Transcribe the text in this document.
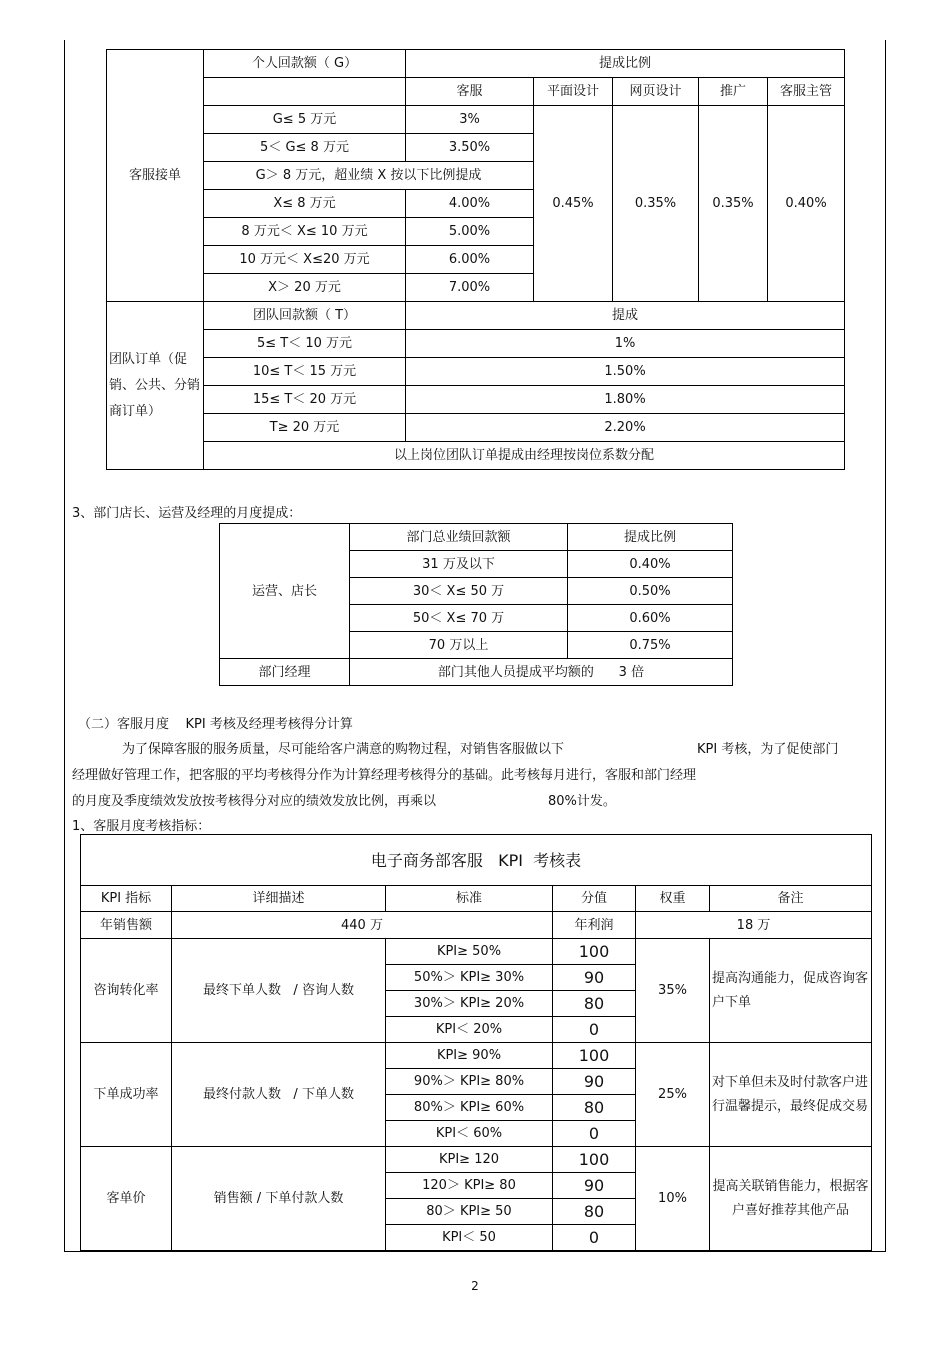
客服接单	个人回款额（ G）	提成比例				
		客服	平面设计	网页设计	推广	客服主管
	G≤ 5 万元	3%	0.45%	0.35%	0.35%	0.40%
	5＜ G≤ 8 万元	3.50%				
	G＞ 8 万元，超业绩 X 按以下比例提成					
	X≤ 8 万元	4.00%				
	8 万元＜ X≤ 10 万元	5.00%				
	10 万元＜ X≤20 万元	6.00%				
	X＞ 20 万元	7.00%				
团队订单（促销、公共、分销商订单）	团队回款额（ T）	提成				
	5≤ T＜ 10 万元	1%				
	10≤ T＜ 15 万元	1.50%				
	15≤ T＜ 20 万元	1.80%				
	T≥ 20 万元	2.20%				
	以上岗位团队订单提成由经理按岗位系数分配					
3、部门店长、运营及经理的月度提成：
运营、店长	部门总业绩回款额	提成比例
	31 万及以下	0.40%
	30＜ X≤ 50 万	0.50%
	50＜ X≤ 70 万	0.60%
	70 万以上	0.75%
部门经理	部门其他人员提成平均额的      3 倍	
（二）客服月度    KPI 考核及经理考核得分计算
为了保障客服的服务质量，尽可能给客户满意的购物过程，对销售客服做以下	KPI 考核，为了促使部门
经理做好管理工作，把客服的平均考核得分作为计算经理考核得分的基础。此考核每月进行，客服和部门经理
的月度及季度绩效发放按考核得分对应的绩效发放比例，再乘以	80%计发。
1、客服月度考核指标：
电子商务部客服   KPI  考核表					
KPI 指标	详细描述	标准	分值	权重	备注
年销售额	440 万		年利润	18 万	
咨询转化率	最终下单人数   / 咨询人数	KPI≥ 50%	100	35%	提高沟通能力，促成咨询客户下单
		50%＞ KPI≥ 30%	90		
		30%＞ KPI≥ 20%	80		
		KPI＜ 20%	0		
下单成功率	最终付款人数   / 下单人数	KPI≥ 90%	100	25%	对下单但未及时付款客户进行温馨提示，最终促成交易
		90%＞ KPI≥ 80%	90		
		80%＞ KPI≥ 60%	80		
		KPI＜ 60%	0		
客单价	销售额 / 下单付款人数	KPI≥ 120	100	10%	提高关联销售能力，根据客户喜好推荐其他产品
		120＞ KPI≥ 80	90		
		80＞ KPI≥ 50	80		
		KPI＜ 50	0		
2
